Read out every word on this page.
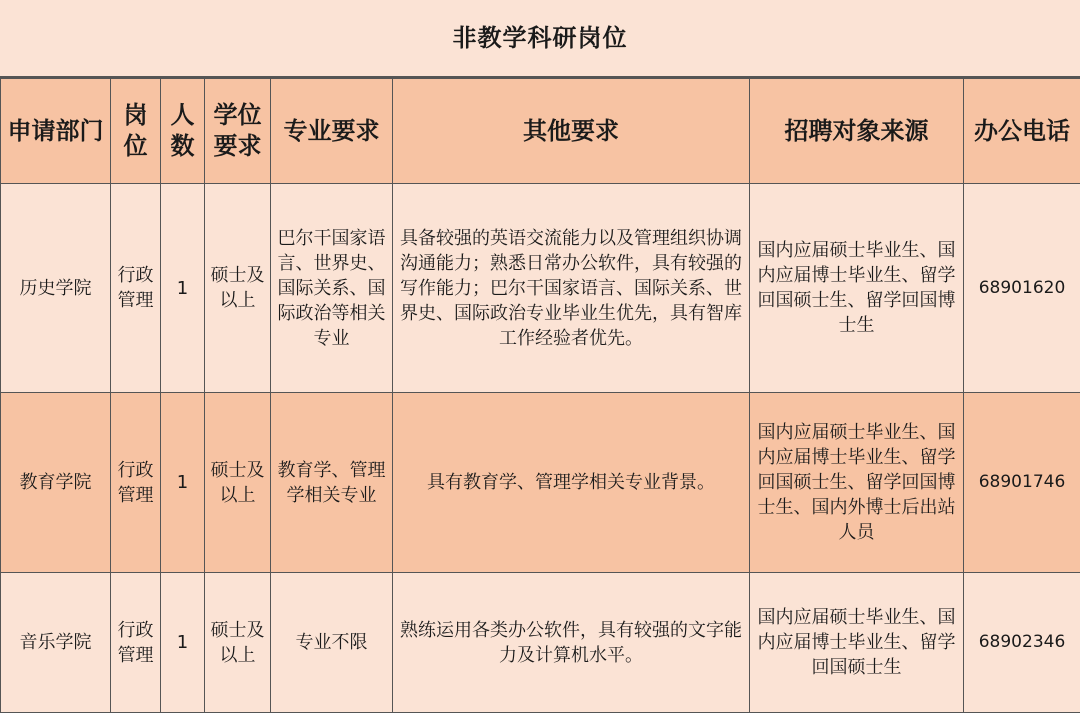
非教学科研岗位
申请部门	岗位	人数	学位要求	专业要求	其他要求	招聘对象来源	办公电话
历史学院	行政管理	1	硕士及以上	巴尔干国家语言、世界史、国际关系、国际政治等相关专业	具备较强的英语交流能力以及管理组织协调沟通能力；熟悉日常办公软件，具有较强的写作能力；巴尔干国家语言、国际关系、世界史、国际政治专业毕业生优先，具有智库工作经验者优先。	国内应届硕士毕业生、国内应届博士毕业生、留学回国硕士生、留学回国博士生	68901620
教育学院	行政管理	1	硕士及以上	教育学、管理学相关专业	具有教育学、管理学相关专业背景。	国内应届硕士毕业生、国内应届博士毕业生、留学回国硕士生、留学回国博士生、国内外博士后出站人员	68901746
音乐学院	行政管理	1	硕士及以上	专业不限	熟练运用各类办公软件，具有较强的文字能力及计算机水平。	国内应届硕士毕业生、国内应届博士毕业生、留学回国硕士生	68902346
